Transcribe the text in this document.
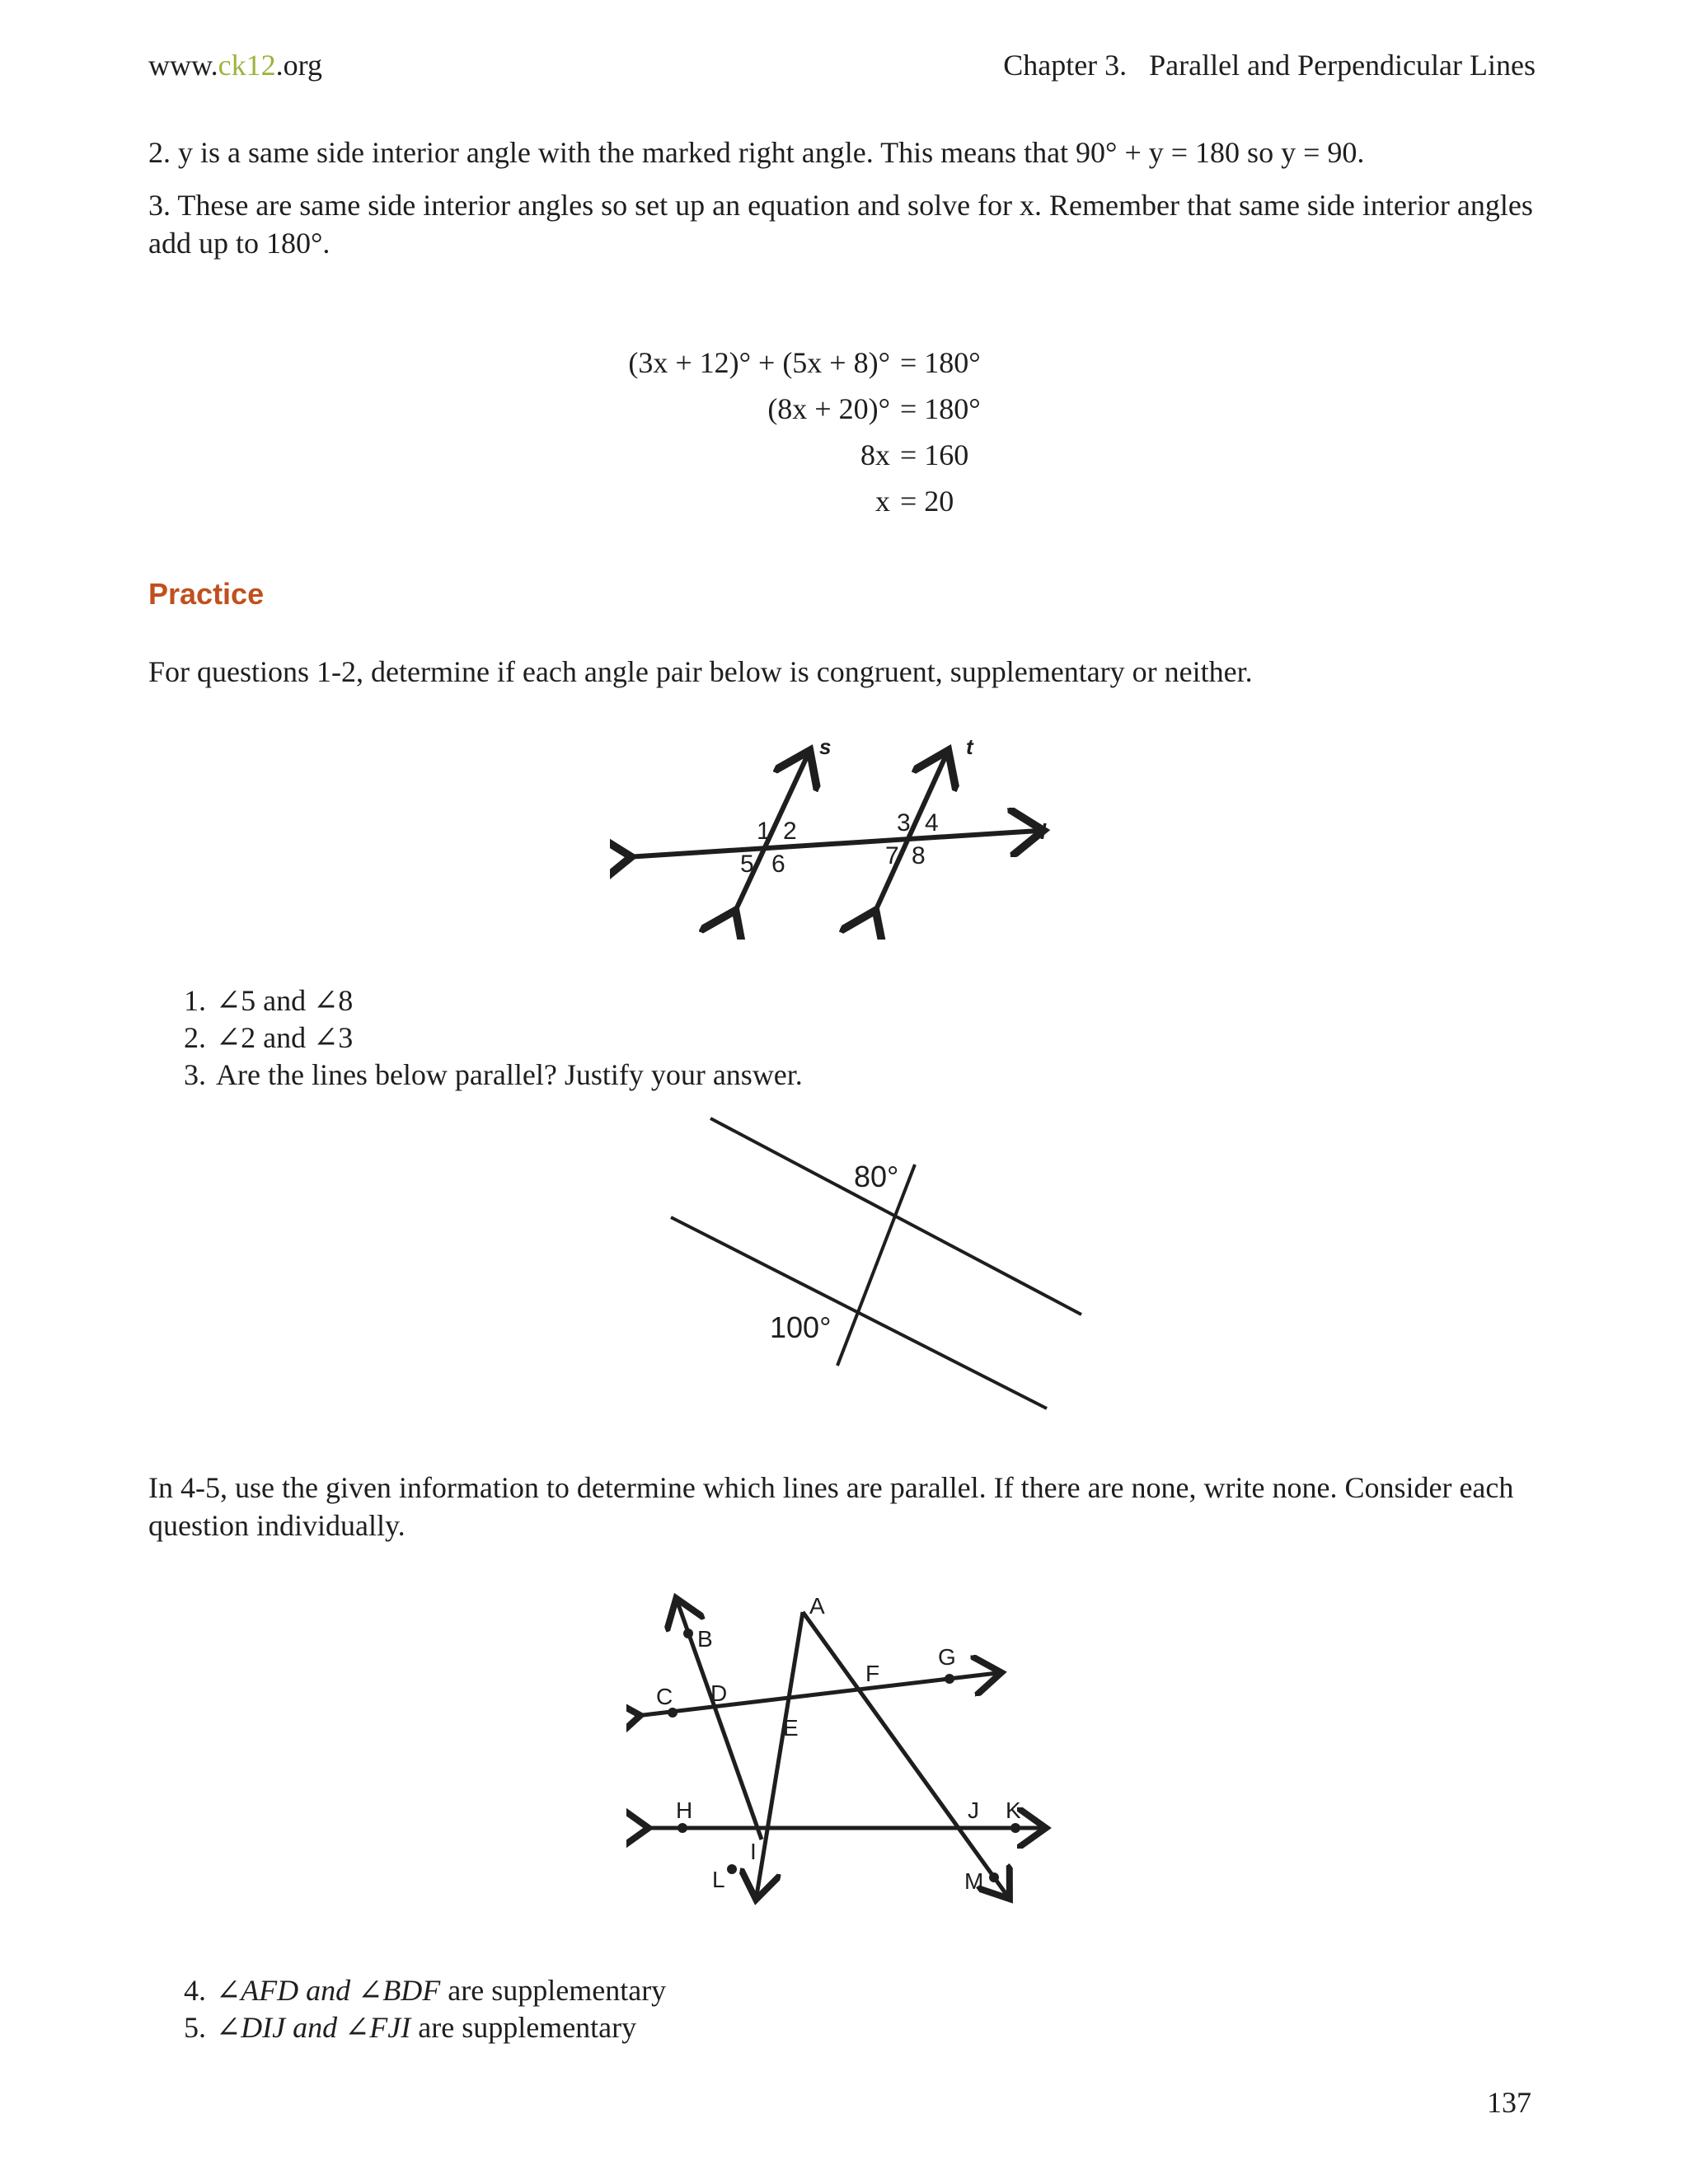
www.ck12.org	Chapter 3.   Parallel and Perpendicular Lines
2. y is a same side interior angle with the marked right angle. This means that 90° + y = 180 so y = 90.
3. These are same side interior angles so set up an equation and solve for x. Remember that same side interior angles add up to 180°.
(3x + 12)° + (5x + 8)° = 180°
(8x + 20)° = 180°
8x = 160
x = 20
Practice
For questions 1-2, determine if each angle pair below is congruent, supplementary or neither.
s	t
l
1 2
5 6
3 4
7 8
1. ∠5 and ∠8
2. ∠2 and ∠3
3. Are the lines below parallel? Justify your answer.
80°
100°
In 4-5, use the given information to determine which lines are parallel. If there are none, write none. Consider each question individually.
A
B
C D
E
F
G
H
I
J K
L	M
4. ∠AFD and ∠BDF are supplementary
5. ∠DIJ and ∠FJI are supplementary
137
